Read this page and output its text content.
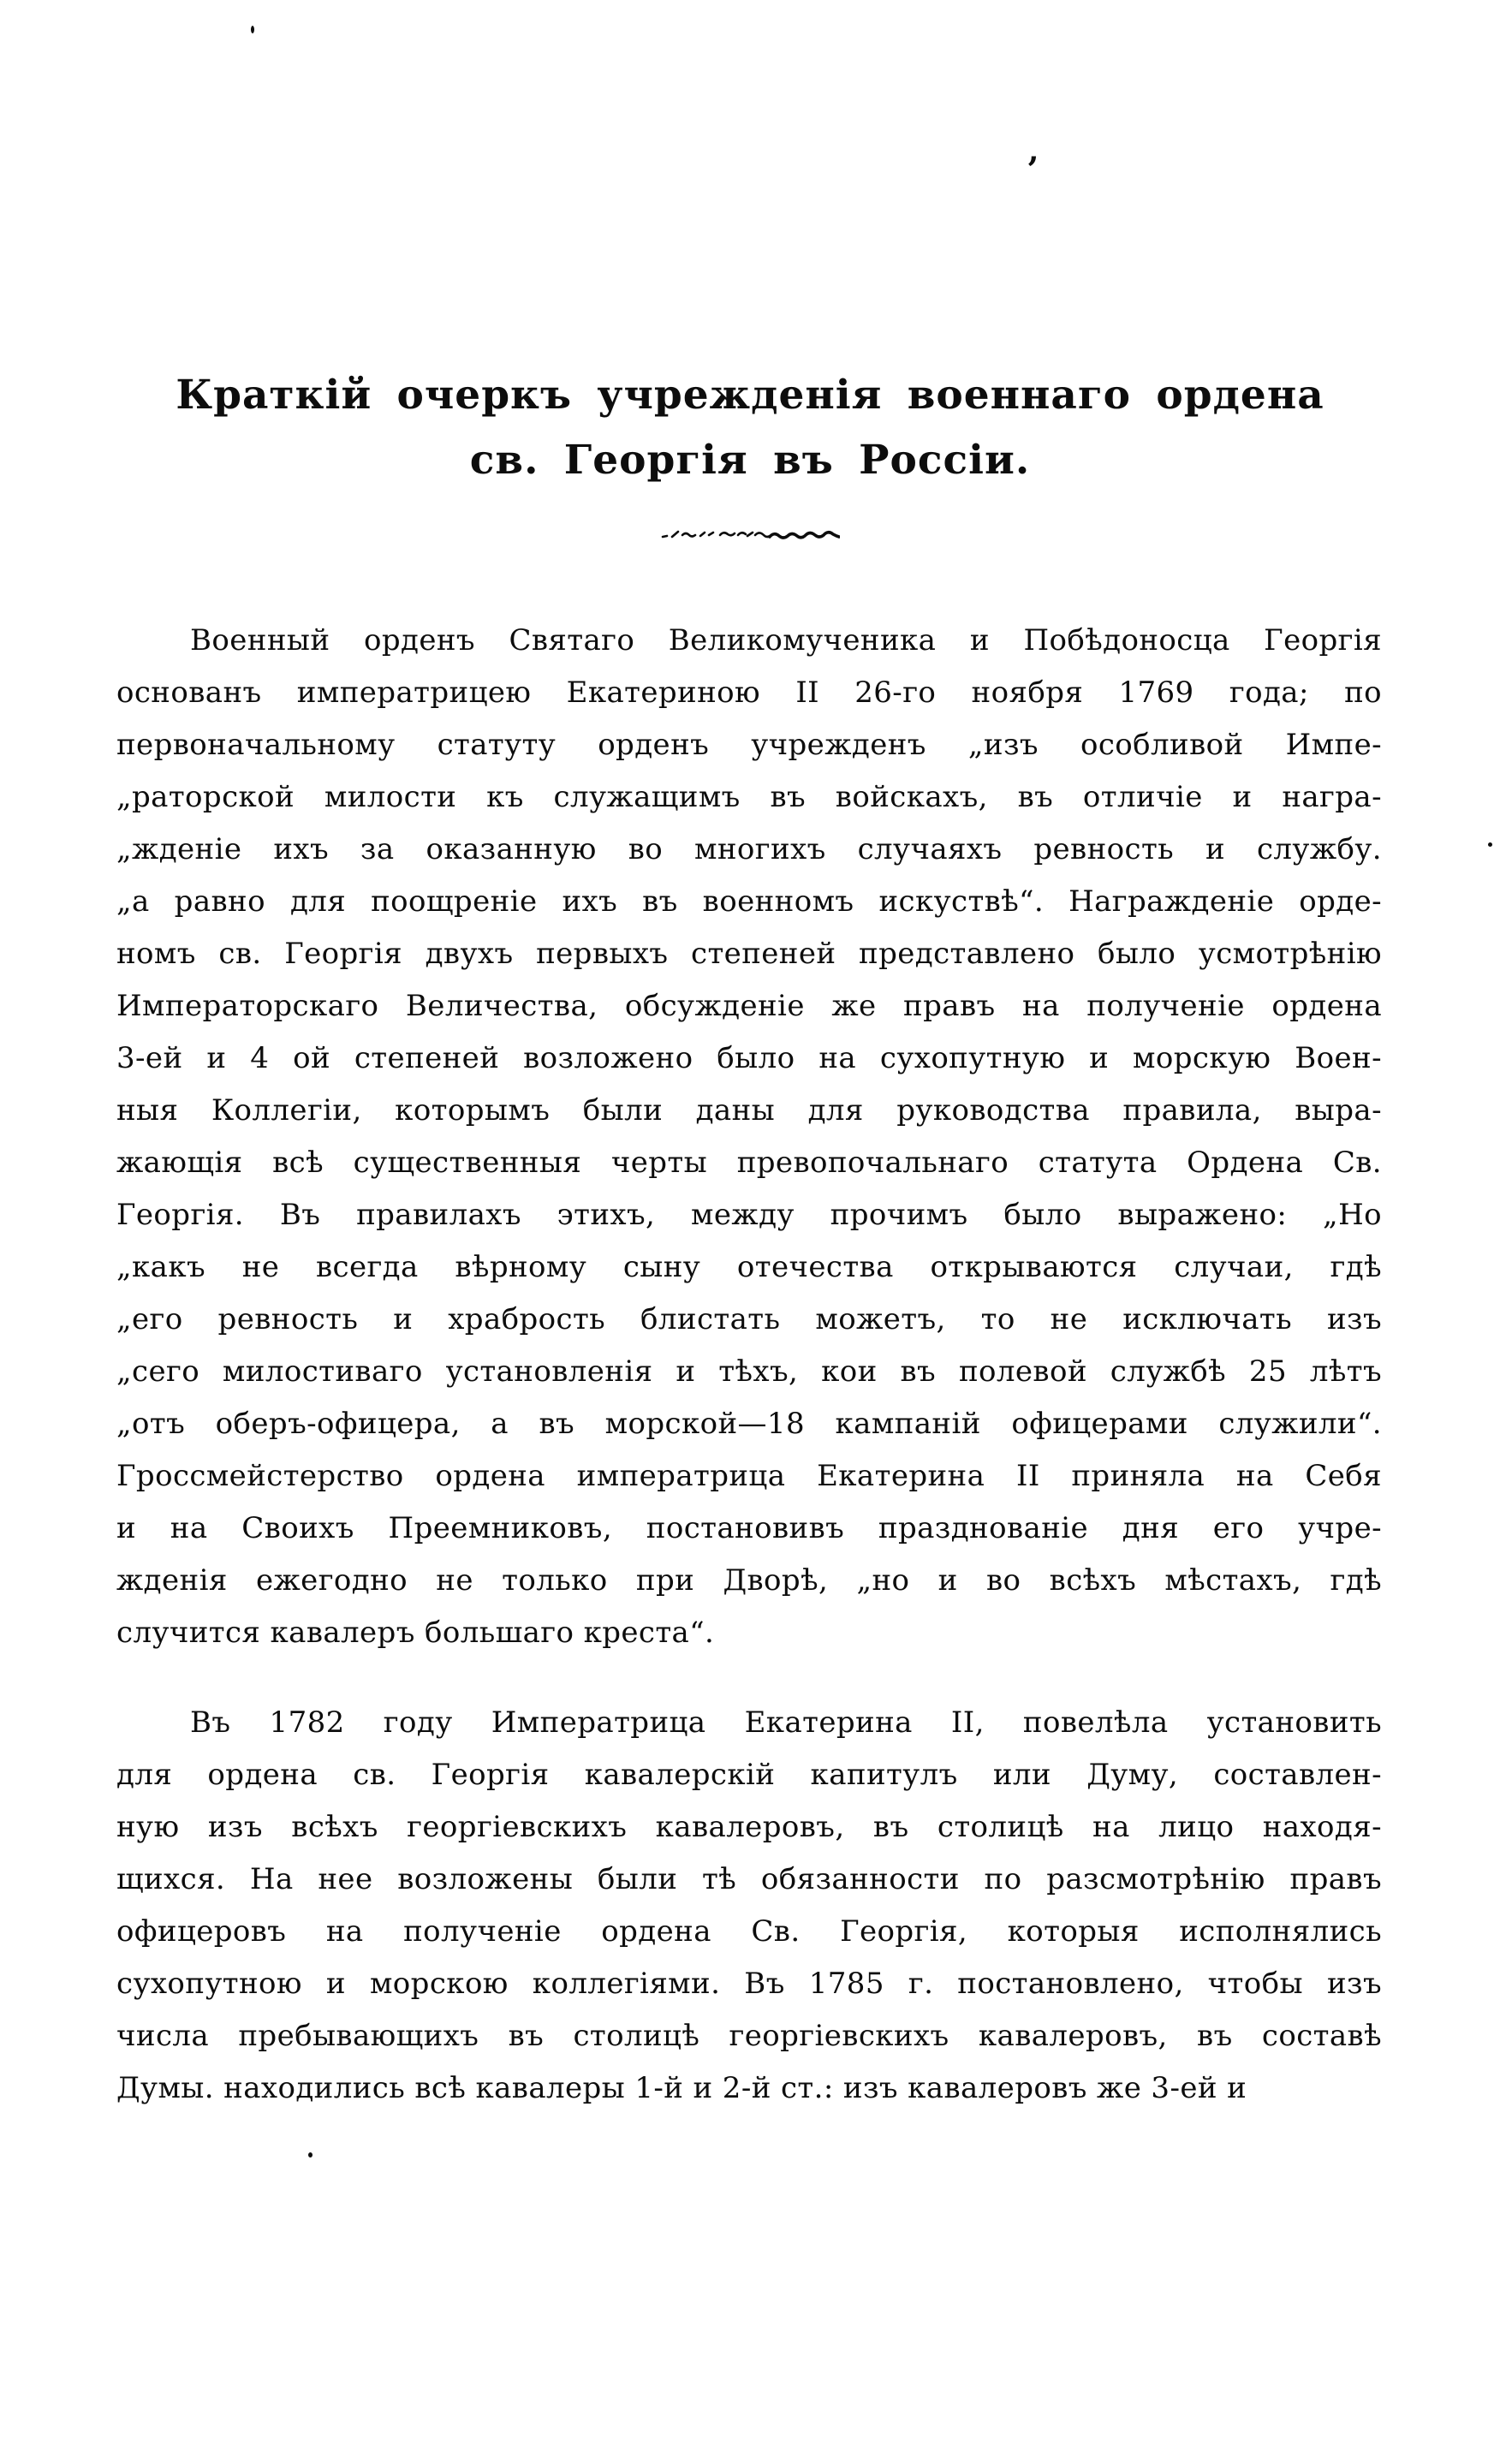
‚
Краткій очеркъ учрежденія военнаго ордена
св. Георгія въ Россіи.
Военный орденъ Святаго Великомученика и Побѣдоносца Георгія
основанъ императрицею Екатериною II 26-го ноября 1769 года; по
первоначальному статуту орденъ учрежденъ „изъ особливой Импе-
„раторской милости къ служащимъ въ войскахъ, въ отличіе и награ-
„жденіе ихъ за оказанную во многихъ случаяхъ ревность и службу.
„а равно для поощреніе ихъ въ военномъ искуствѣ“. Награжденіе орде-
номъ св. Георгія двухъ первыхъ степеней представлено было усмотрѣнію
Императорскаго Величества, обсужденіе же правъ на полученіе ордена
3-ей и 4 ой степеней возложено было на сухопутную и морскую Воен-
ныя Коллегіи, которымъ были даны для руководства правила, выра-
жающія всѣ существенныя черты превопочальнаго статута Ордена Св.
Георгія. Въ правилахъ этихъ, между прочимъ было выражено: „Но
„какъ не всегда вѣрному сыну отечества открываются случаи, гдѣ
„его ревность и храбрость блистать можетъ, то не исключать изъ
„сего милостиваго установленія и тѣхъ, кои въ полевой службѣ 25 лѣтъ
„отъ оберъ-офицера, а въ морской—18 кампаній офицерами служили“.
Гроссмейстерство ордена императрица Екатерина II приняла на Себя
и на Своихъ Преемниковъ, постановивъ празднованіе дня его учре-
жденія ежегодно не только при Дворѣ, „но и во всѣхъ мѣстахъ, гдѣ
случится кавалеръ большаго креста“.
Въ 1782 году Императрица Екатерина II, повелѣла установить
для ордена св. Георгія кавалерскій капитулъ или Думу, составлен-
ную изъ всѣхъ георгіевскихъ кавалеровъ, въ столицѣ на лицо находя-
щихся. На нее возложены были тѣ обязанности по разсмотрѣнію правъ
офицеровъ на полученіе ордена Св. Георгія, которыя исполнялись
сухопутною и морскою коллегіями. Въ 1785 г. постановлено, чтобы изъ
числа пребывающихъ въ столицѣ георгіевскихъ кавалеровъ, въ составѣ
Думы. находились всѣ кавалеры 1-й и 2-й ст.: изъ кавалеровъ же 3-ей и
